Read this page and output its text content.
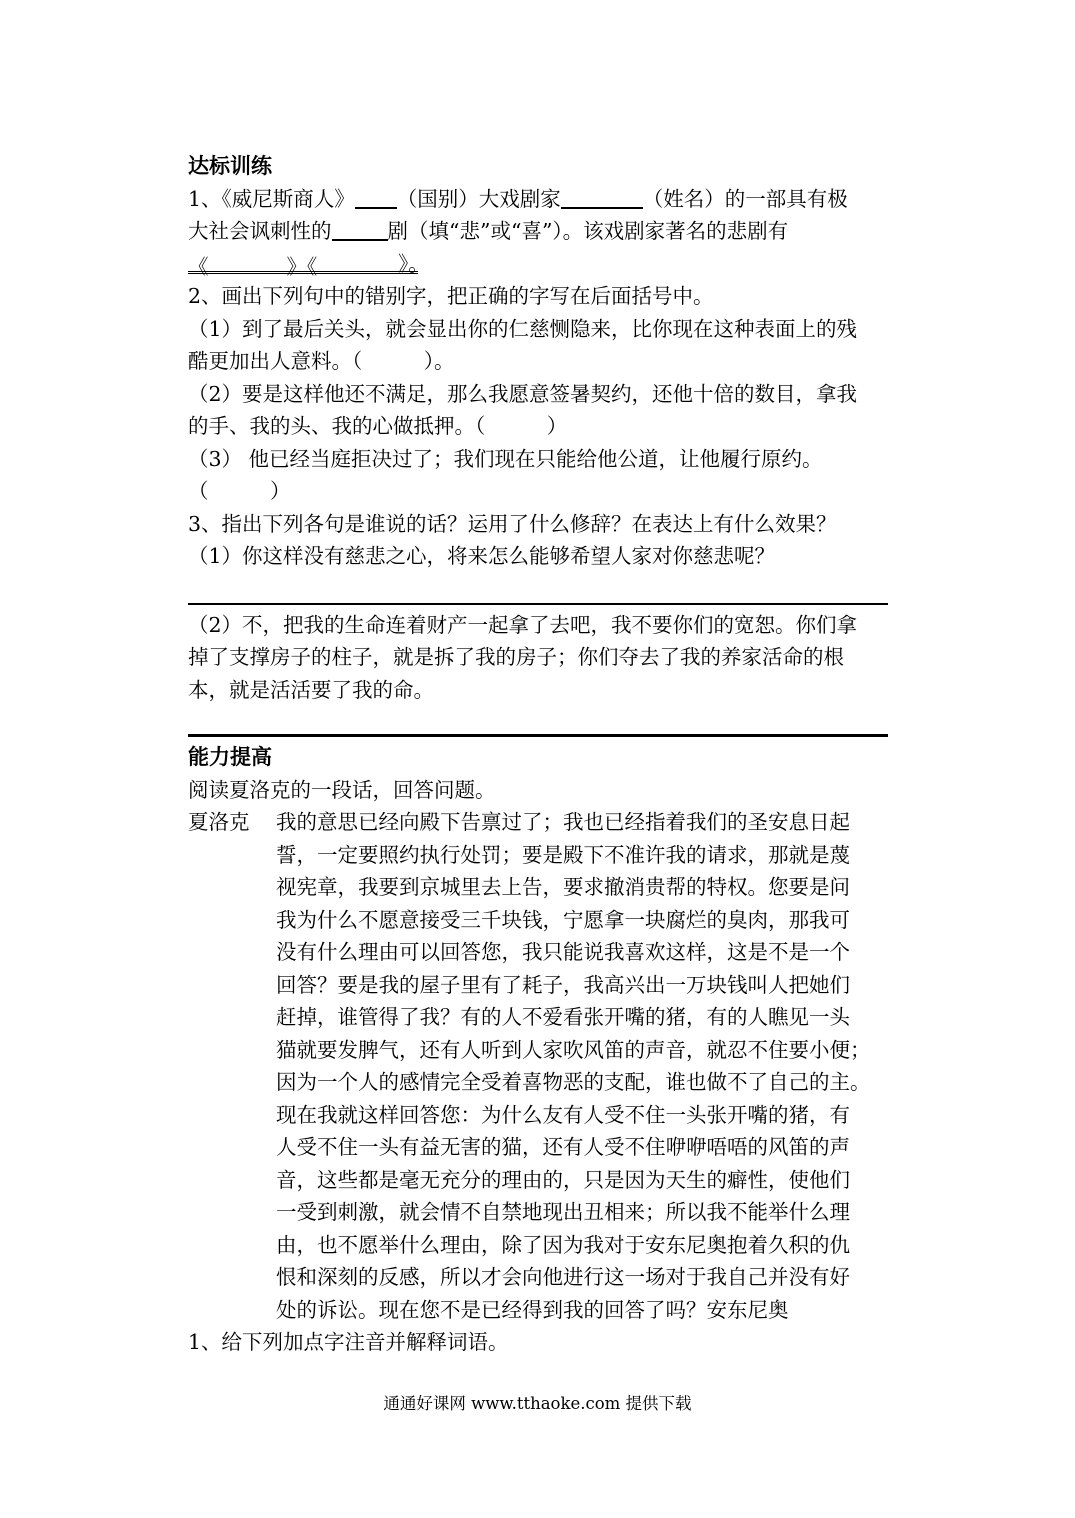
达标训练
1、《威尼斯商人》 （国别）大戏剧家	（姓名）的一部具有极
大社会讽刺性的	剧（填“悲”或“喜”）。该戏剧家著名的悲剧有
《	》《	》。
2、画出下列句中的错别字，把正确的字写在后面括号中。
（1）到了最后关头，就会显出你的仁慈恻隐来，比你现在这种表面上的残
酷更加出人意料。（　　　）。
（2）要是这样他还不满足，那么我愿意签暑契约，还他十倍的数目，拿我
的手、我的头、我的心做抵押。（　　　）
（3） 他已经当庭拒决过了；我们现在只能给他公道，让他履行原约。
（　　　）
3、指出下列各句是谁说的话？运用了什么修辞？在表达上有什么效果？
（1）你这样没有慈悲之心，将来怎么能够希望人家对你慈悲呢？
（2）不，把我的生命连着财产一起拿了去吧，我不要你们的宽恕。你们拿
掉了支撑房子的柱子，就是拆了我的房子；你们夺去了我的养家活命的根
本，就是活活要了我的命。
能力提高
阅读夏洛克的一段话，回答问题。
夏洛克	我的意思已经向殿下告禀过了；我也已经指着我们的圣安息日起
誓，一定要照约执行处罚；要是殿下不准许我的请求，那就是蔑
视宪章，我要到京城里去上告，要求撤消贵帮的特权。您要是问
我为什么不愿意接受三千块钱，宁愿拿一块腐烂的臭肉，那我可
没有什么理由可以回答您，我只能说我喜欢这样，这是不是一个
回答？要是我的屋子里有了耗子，我高兴出一万块钱叫人把她们
赶掉，谁管得了我？有的人不爱看张开嘴的猪，有的人瞧见一头
猫就要发脾气，还有人听到人家吹风笛的声音，就忍不住要小便；
因为一个人的感情完全受着喜物恶的支配，谁也做不了自己的主。
现在我就这样回答您：为什么友有人受不住一头张开嘴的猪，有
人受不住一头有益无害的猫，还有人受不住咿咿唔唔的风笛的声
音，这些都是毫无充分的理由的，只是因为天生的癖性，使他们
一受到刺激，就会情不自禁地现出丑相来；所以我不能举什么理
由，也不愿举什么理由，除了因为我对于安东尼奥抱着久积的仇
恨和深刻的反感，所以才会向他进行这一场对于我自己并没有好
处的诉讼。现在您不是已经得到我的回答了吗？安东尼奥
1、给下列加点字注音并解释词语。
通通好课网 www.tthaoke.com 提供下载
